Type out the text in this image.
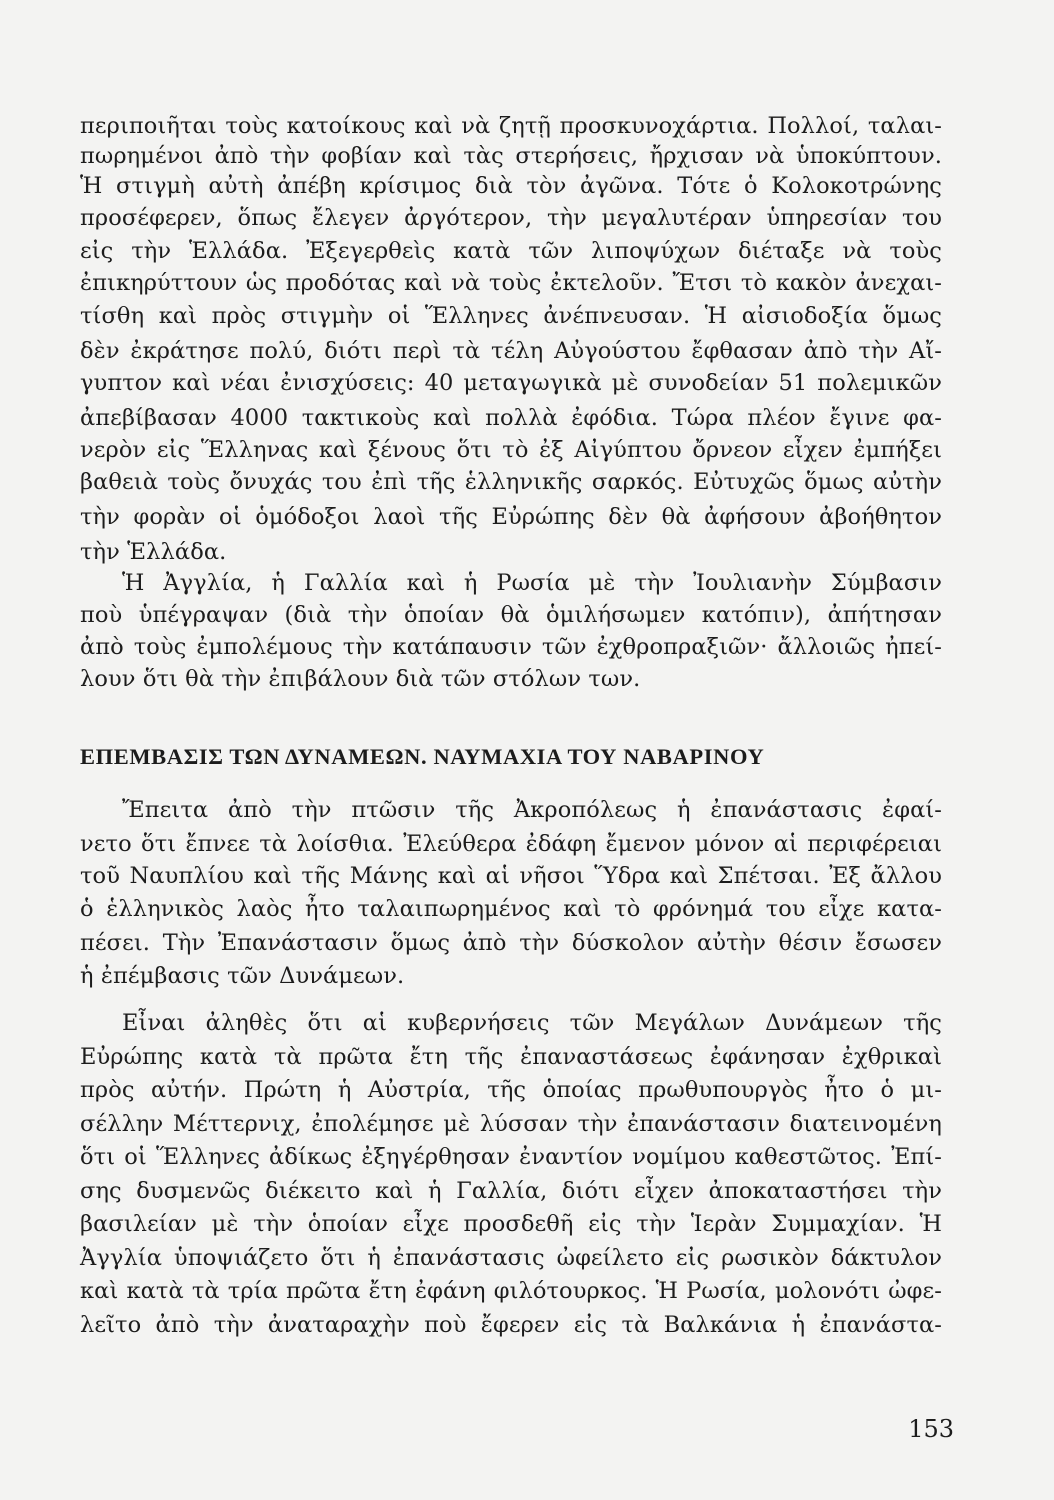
περιποιῆται τοὺς κατοίκους καὶ νὰ ζητῇ προσκυνοχάρτια. Πολλοί, ταλαι-
πωρημένοι ἀπὸ τὴν φοβίαν καὶ τὰς στερήσεις, ἤρχισαν νὰ ὑποκύπτουν.
Ἡ στιγμὴ αὐτὴ ἀπέβη κρίσιμος διὰ τὸν ἀγῶνα. Τότε ὁ Κολοκοτρώνης
προσέφερεν, ὅπως ἔλεγεν ἀργότερον, τὴν μεγαλυτέραν ὑπηρεσίαν του
εἰς τὴν Ἑλλάδα. Ἐξεγερθεὶς κατὰ τῶν λιποψύχων διέταξε νὰ τοὺς
ἐπικηρύττουν ὡς προδότας καὶ νὰ τοὺς ἐκτελοῦν. Ἔτσι τὸ κακὸν ἀνεχαι-
τίσθη καὶ πρὸς στιγμὴν οἱ Ἕλληνες ἀνέπνευσαν. Ἡ αἰσιοδοξία ὅμως
δὲν ἐκράτησε πολύ, διότι περὶ τὰ τέλη Αὐγούστου ἔφθασαν ἀπὸ τὴν Αἴ-
γυπτον καὶ νέαι ἐνισχύσεις: 40 μεταγωγικὰ μὲ συνοδείαν 51 πολεμικῶν
ἀπεβίβασαν 4000 τακτικοὺς καὶ πολλὰ ἐφόδια. Τώρα πλέον ἔγινε φα-
νερὸν εἰς Ἕλληνας καὶ ξένους ὅτι τὸ ἐξ Αἰγύπτου ὄρνεον εἶχεν ἐμπήξει
βαθειὰ τοὺς ὄνυχάς του ἐπὶ τῆς ἑλληνικῆς σαρκός. Εὐτυχῶς ὅμως αὐτὴν
τὴν φορὰν οἱ ὁμόδοξοι λαοὶ τῆς Εὐρώπης δὲν θὰ ἀφήσουν ἀβοήθητον
τὴν Ἑλλάδα.
Ἡ Ἀγγλία, ἡ Γαλλία καὶ ἡ Ρωσία μὲ τὴν Ἰουλιανὴν Σύμβασιν
ποὺ ὑπέγραψαν (διὰ τὴν ὁποίαν θὰ ὁμιλήσωμεν κατόπιν), ἀπήτησαν
ἀπὸ τοὺς ἐμπολέμους τὴν κατάπαυσιν τῶν ἐχθροπραξιῶν· ἄλλοιῶς ἠπεί-
λουν ὅτι θὰ τὴν ἐπιβάλουν διὰ τῶν στόλων των.
ΕΠΕΜΒΑΣΙΣ ΤΩΝ ΔΥΝΑΜΕΩΝ. ΝΑΥΜΑΧΙΑ ΤΟΥ ΝΑΒΑΡΙΝΟΥ
Ἔπειτα ἀπὸ τὴν πτῶσιν τῆς Ἀκροπόλεως ἡ ἐπανάστασις ἐφαί-
νετο ὅτι ἔπνεε τὰ λοίσθια. Ἐλεύθερα ἐδάφη ἔμενον μόνον αἱ περιφέρειαι
τοῦ Ναυπλίου καὶ τῆς Μάνης καὶ αἱ νῆσοι Ὕδρα καὶ Σπέτσαι. Ἐξ ἄλλου
ὁ ἑλληνικὸς λαὸς ἦτο ταλαιπωρημένος καὶ τὸ φρόνημά του εἶχε κατα-
πέσει. Τὴν Ἐπανάστασιν ὅμως ἀπὸ τὴν δύσκολον αὐτὴν θέσιν ἔσωσεν
ἡ ἐπέμβασις τῶν Δυνάμεων.
Εἶναι ἀληθὲς ὅτι αἱ κυβερνήσεις τῶν Μεγάλων Δυνάμεων τῆς
Εὐρώπης κατὰ τὰ πρῶτα ἔτη τῆς ἐπαναστάσεως ἐφάνησαν ἐχθρικαὶ
πρὸς αὐτήν. Πρώτη ἡ Αὐστρία, τῆς ὁποίας πρωθυπουργὸς ἦτο ὁ μι-
σέλλην Μέττερνιχ, ἐπολέμησε μὲ λύσσαν τὴν ἐπανάστασιν διατεινομένη
ὅτι οἱ Ἕλληνες ἀδίκως ἐξηγέρθησαν ἐναντίον νομίμου καθεστῶτος. Ἐπί-
σης δυσμενῶς διέκειτο καὶ ἡ Γαλλία, διότι εἶχεν ἀποκαταστήσει τὴν
βασιλείαν μὲ τὴν ὁποίαν εἶχε προσδεθῆ εἰς τὴν Ἱερὰν Συμμαχίαν. Ἡ
Ἀγγλία ὑποψιάζετο ὅτι ἡ ἐπανάστασις ὠφείλετο εἰς ρωσικὸν δάκτυλον
καὶ κατὰ τὰ τρία πρῶτα ἔτη ἐφάνη φιλότουρκος. Ἡ Ρωσία, μολονότι ὠφε-
λεῖτο ἀπὸ τὴν ἀναταραχὴν ποὺ ἔφερεν εἰς τὰ Βαλκάνια ἡ ἐπανάστα-
153
